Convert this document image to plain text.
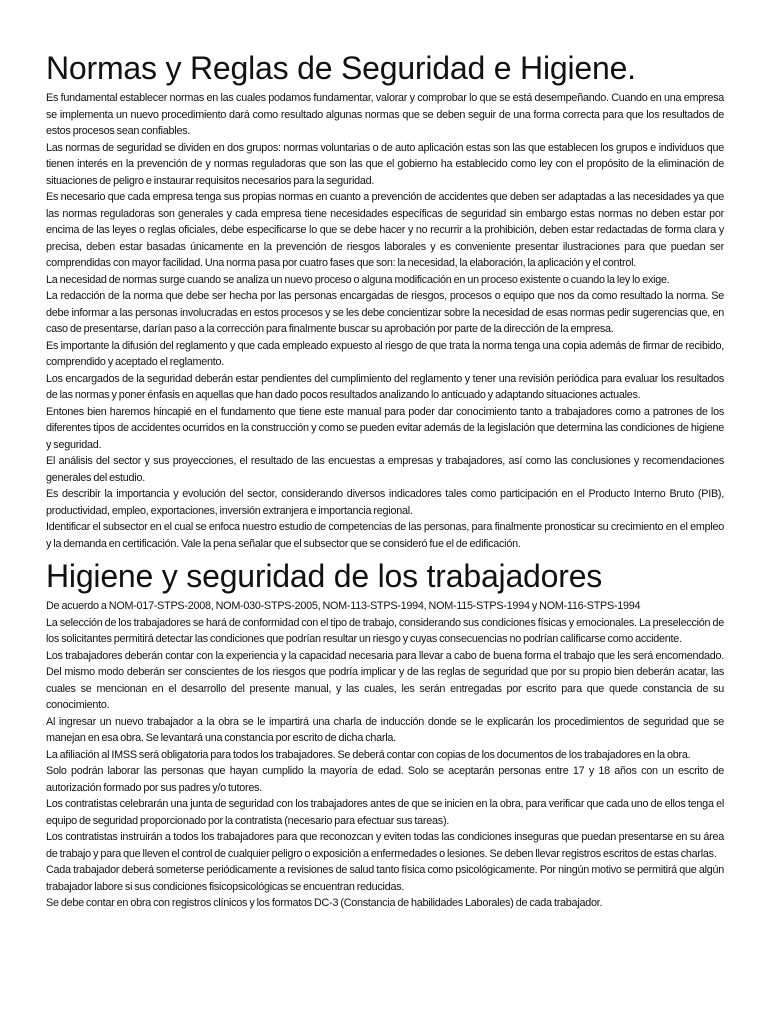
Normas y Reglas de Seguridad e Higiene.

Es fundamental establecer normas en las cuales podamos fundamentar, valorar y comprobar lo que se está desempeñando. Cuando en una empresa se implementa un nuevo procedimiento dará como resultado algunas normas que se deben seguir de una forma correcta para que los resultados de estos procesos sean confiables.

Las normas de seguridad se dividen en dos grupos: normas voluntarias o de auto aplicación estas son las que establecen los grupos e individuos que tienen interés en la prevención de y normas reguladoras que son las que el gobierno ha establecido como ley con el propósito de la eliminación de situaciones de peligro e instaurar requisitos necesarios para la seguridad.

Es necesario que cada empresa tenga sus propias normas en cuanto a prevención de accidentes que deben ser adaptadas a las necesidades ya que las normas reguladoras son generales y cada empresa tiene necesidades específicas de seguridad sin embargo estas normas no deben estar por encima de las leyes o reglas oficiales, debe especificarse lo que se debe hacer y no recurrir a la prohibición, deben estar redactadas de forma clara y precisa, deben estar basadas únicamente en la prevención de riesgos laborales y es conveniente presentar ilustraciones para que puedan ser comprendidas con mayor facilidad. Una norma pasa por cuatro fases que son: la necesidad, la elaboración, la aplicación y el control.

La necesidad de normas surge cuando se analiza un nuevo proceso o alguna modificación en un proceso existente o cuando la ley lo exige.

La redacción de la norma que debe ser hecha por las personas encargadas de riesgos, procesos o equipo que nos da como resultado la norma. Se debe informar a las personas involucradas en estos procesos y se les debe concientizar sobre la necesidad de esas normas pedir sugerencias que, en caso de presentarse, darían paso a la corrección para finalmente buscar su aprobación por parte de la dirección de la empresa.

Es importante la difusión del reglamento y que cada empleado expuesto al riesgo de que trata la norma tenga una copia además de firmar de recibido, comprendido y aceptado el reglamento.

Los encargados de la seguridad deberán estar pendientes del cumplimiento del reglamento y tener una revisión periódica para evaluar los resultados de las normas y poner énfasis en aquellas que han dado pocos resultados analizando lo anticuado y adaptando situaciones actuales.

Entones bien haremos hincapié en el fundamento que tiene este manual para poder dar conocimiento tanto a trabajadores como a patrones de los diferentes tipos de accidentes ocurridos en la construcción y como se pueden evitar además de la legislación que determina las condiciones de higiene y seguridad.

El análisis del sector y sus proyecciones, el resultado de las encuestas a empresas y trabajadores, así como las conclusiones y recomendaciones generales del estudio.

Es describir la importancia y evolución del sector, considerando diversos indicadores tales como participación en el Producto Interno Bruto (PIB), productividad, empleo, exportaciones, inversión extranjera e importancia regional.

Identificar el subsector en el cual se enfoca nuestro estudio de competencias de las personas, para finalmente pronosticar su crecimiento en el empleo y la demanda en certificación. Vale la pena señalar que el subsector que se consideró fue el de edificación.

Higiene y seguridad de los trabajadores

De acuerdo a NOM-017-STPS-2008, NOM-030-STPS-2005, NOM-113-STPS-1994, NOM-115-STPS-1994 y NOM-116-STPS-1994

La selección de los trabajadores se hará de conformidad con el tipo de trabajo, considerando sus condiciones físicas y emocionales. La preselección de los solicitantes permitirá detectar las condiciones que podrían resultar un riesgo y cuyas consecuencias no podrían calificarse como accidente.

Los trabajadores deberán contar con la experiencia y la capacidad necesaria para llevar a cabo de buena forma el trabajo que les será encomendado. Del mismo modo deberán ser conscientes de los riesgos que podría implicar y de las reglas de seguridad que por su propio bien deberán acatar, las cuales se mencionan en el desarrollo del presente manual, y las cuales, les serán entregadas por escrito para que quede constancia de su conocimiento.

Al ingresar un nuevo trabajador a la obra se le impartirá una charla de inducción donde se le explicarán los procedimientos de seguridad que se manejan en esa obra. Se levantará una constancia por escrito de dicha charla.

La afiliación al IMSS será obligatoria para todos los trabajadores. Se deberá contar con copias de los documentos de los trabajadores en la obra.

Solo podrán laborar las personas que hayan cumplido la mayoría de edad. Solo se aceptarán personas entre 17 y 18 años con un escrito de autorización formado por sus padres y/o tutores.

Los contratistas celebrarán una junta de seguridad con los trabajadores antes de que se inicien en la obra, para verificar que cada uno de ellos tenga el equipo de seguridad proporcionado por la contratista (necesario para efectuar sus tareas).

Los contratistas instruirán a todos los trabajadores para que reconozcan y eviten todas las condiciones inseguras que puedan presentarse en su área de trabajo y para que lleven el control de cualquier peligro o exposición a enfermedades o lesiones. Se deben llevar registros escritos de estas charlas.

Cada trabajador deberá someterse periódicamente a revisiones de salud tanto física como psicológicamente. Por ningún motivo se permitirá que algún trabajador labore si sus condiciones fisicopsicológicas se encuentran reducidas.

Se debe contar en obra con registros clínicos y los formatos DC-3 (Constancia de habilidades Laborales) de cada trabajador.
